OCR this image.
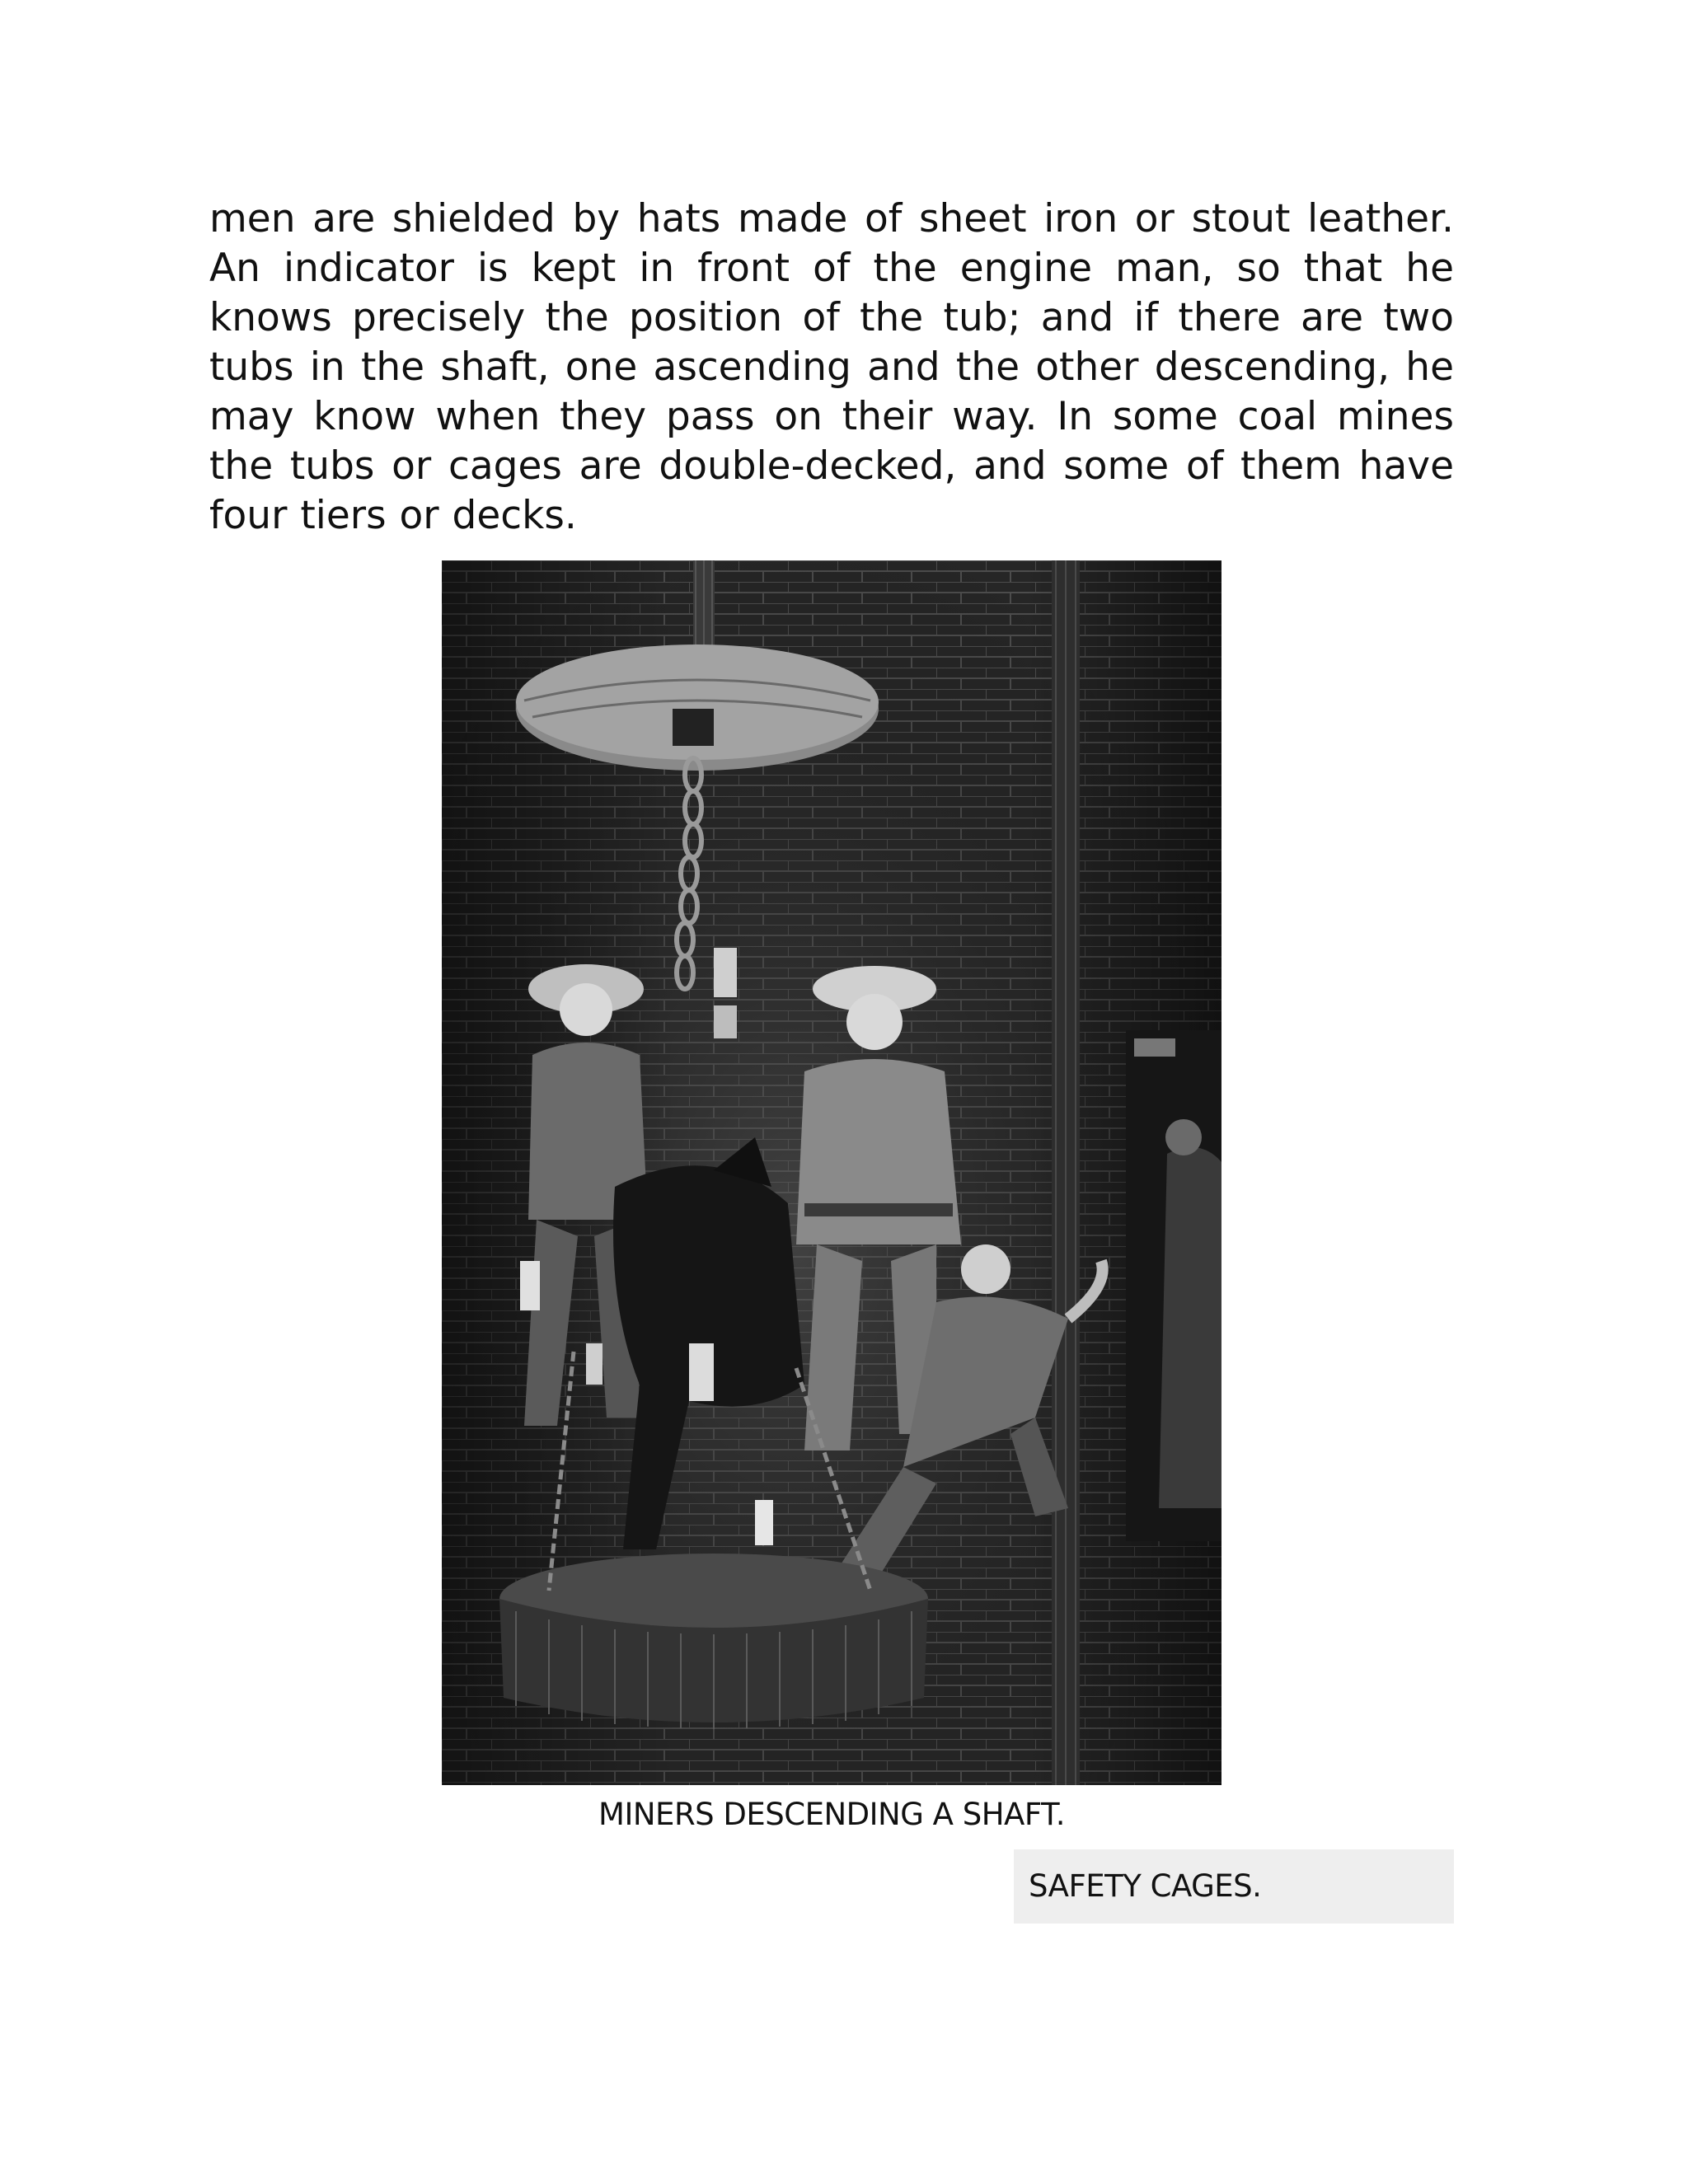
men are shielded by hats made of sheet iron or stout leather. An indicator is kept in front of the engine man, so that he knows precisely the position of the tub; and if there are two tubs in the shaft, one ascending and the other descending, he may know when they pass on their way. In some coal mines the tubs or cages are double-decked, and some of them have four tiers or decks.

MINERS DESCENDING A SHAFT.
SAFETY CAGES.
